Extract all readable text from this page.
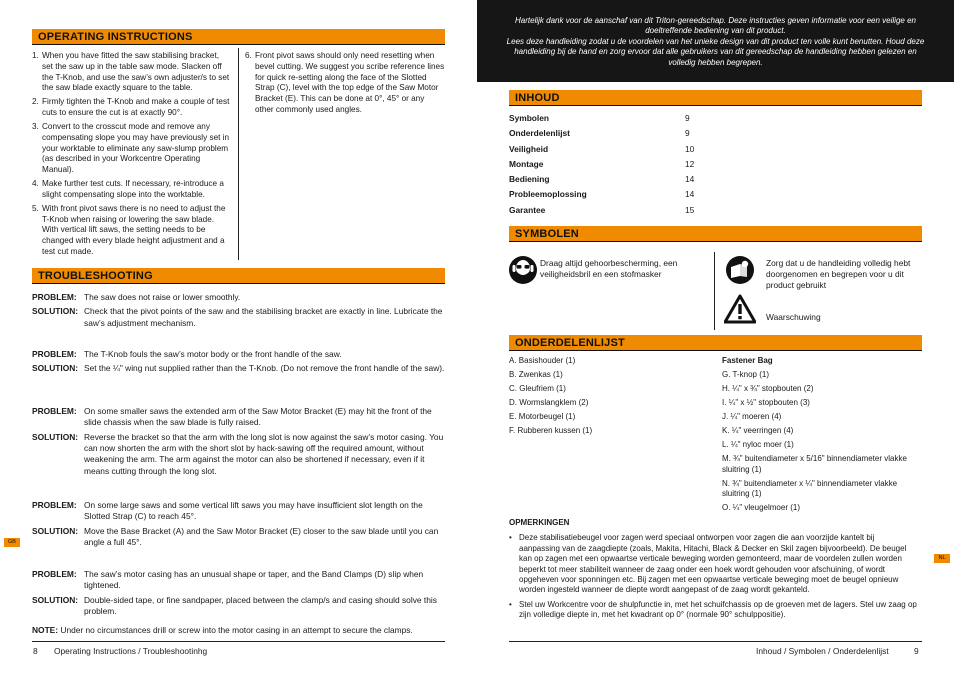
OPERATING INSTRUCTIONS
1. When you have fitted the saw stabilising bracket, set the saw up in the table saw mode. Slacken off the T-Knob, and use the saw’s own adjuster/s to set the saw blade exactly square to the table.
2. Firmly tighten the T-Knob and make a couple of test cuts to ensure the cut is at exactly 90°.
3. Convert to the crosscut mode and remove any compensating slope you may have previously set in your worktable to eliminate any saw-slump problem (as described in your Workcentre Operating Manual).
4. Make further test cuts. If necessary, re-introduce a slight compensating slope into the worktable.
5. With front pivot saws there is no need to adjust the T-Knob when raising or lowering the saw blade. With vertical lift saws, the setting needs to be changed with every blade height adjustment and a test cut made.
6. Front pivot saws should only need resetting when bevel cutting. We suggest you scribe reference lines for quick re-setting along the face of the Slotted Strap (C), level with the top edge of the Saw Motor Bracket (E). This can be done at 0°, 45° or any other commonly used angles.
TROUBLESHOOTING
PROBLEM: The saw does not raise or lower smoothly.
SOLUTION: Check that the pivot points of the saw and the stabilising bracket are exactly in line. Lubricate the saw’s adjustment mechanism.
PROBLEM: The T-Knob fouls the saw’s motor body or the front handle of the saw.
SOLUTION: Set the ¼" wing nut supplied rather than the T-Knob. (Do not remove the front handle of the saw).
PROBLEM: On some smaller saws the extended arm of the Saw Motor Bracket (E) may hit the front of the slide chassis when the saw blade is fully raised.
SOLUTION: Reverse the bracket so that the arm with the long slot is now against the saw’s motor casing. You can now shorten the arm with the short slot by hack-sawing off the required amount, without weakening the arm. The arm against the motor can also be shortened if necessary, even if it means cutting through the long slot.
PROBLEM: On some large saws and some vertical lift saws you may have insufficient slot length on the Slotted Strap (C) to reach 45°.
SOLUTION: Move the Base Bracket (A) and the Saw Motor Bracket (E) closer to the saw blade until you can angle a full 45°.
PROBLEM: The saw’s motor casing has an unusual shape or taper, and the Band Clamps (D) slip when tightened.
SOLUTION: Double-sided tape, or fine sandpaper, placed between the clamp/s and casing should solve this problem.
NOTE: Under no circumstances drill or screw into the motor casing in an attempt to secure the clamps.
8 Operating Instructions / Troubleshootinhg
GB
Hartelijk dank voor de aanschaf van dit Triton-gereedschap. Deze instructies geven informatie voor een veilige en doeltreffende bediening van dit product.
Lees deze handleiding zodat u de voordelen van het unieke design van dit product ten volle kunt benutten. Houd deze handleiding bij de hand en zorg ervoor dat alle gebruikers van dit gereedschap de handleiding hebben gelezen en volledig hebben begrepen.
INHOUD
Symbolen	9
Onderdelenlijst	9
Veiligheid	10
Montage	12
Bediening	14
Probleemoplossing	14
Garantee	15
SYMBOLEN
Draag altijd gehoorbescherming, een veiligheidsbril en een stofmasker
Zorg dat u de handleiding volledig hebt doorgenomen en begrepen voor u dit product gebruikt
Waarschuwing
ONDERDELENLIJST
A. Basishouder (1)
B. Zwenkas (1)
C. Gleufriem (1)
D. Wormslangklem (2)
E. Motorbeugel (1)
F. Rubberen kussen (1)
Fastener Bag
G. T-knop (1)
H. ¼" x ¾" stopbouten (2)
I. ¼" x ½" stopbouten (3)
J. ¼" moeren (4)
K. ¼" veerringen (4)
L. ¼" nyloc moer (1)
M. ¾" buitendiameter x 5/16" binnendiameter vlakke sluitring (1)
N. ¾" buitendiameter x ¼" binnendiameter vlakke sluitring (1)
O. ¼" vleugelmoer (1)
OPMERKINGEN
• Deze stabilisatiebeugel voor zagen werd speciaal ontworpen voor zagen die aan voorzijde kantelt bij aanpassing van de zaagdiepte (zoals, Makita, Hitachi, Black & Decker en Skil zagen bijvoorbeeld). De beugel kan op zagen met een opwaartse verticale beweging worden gemonteerd, maar de voordelen zullen worden beperkt tot meer stabiliteit wanneer de zaag onder een hoek wordt gehouden voor afschuining, of wordt opgeheven voor sponningen etc. Bij zagen met een opwaartse verticale beweging moet de beugel opnieuw worden ingesteld wanneer de diepte wordt aangepast of de zaag wordt gekanteld.
• Stel uw Workcentre voor de shulpfunctie in, met het schuifchassis op de groeven met de lagers. Stel uw zaag op zijn volledige diepte in, met het kwadrant op 0° (normale 90° schulppositie).
Inhoud / Symbolen / Onderdelenlijst	9
NL
